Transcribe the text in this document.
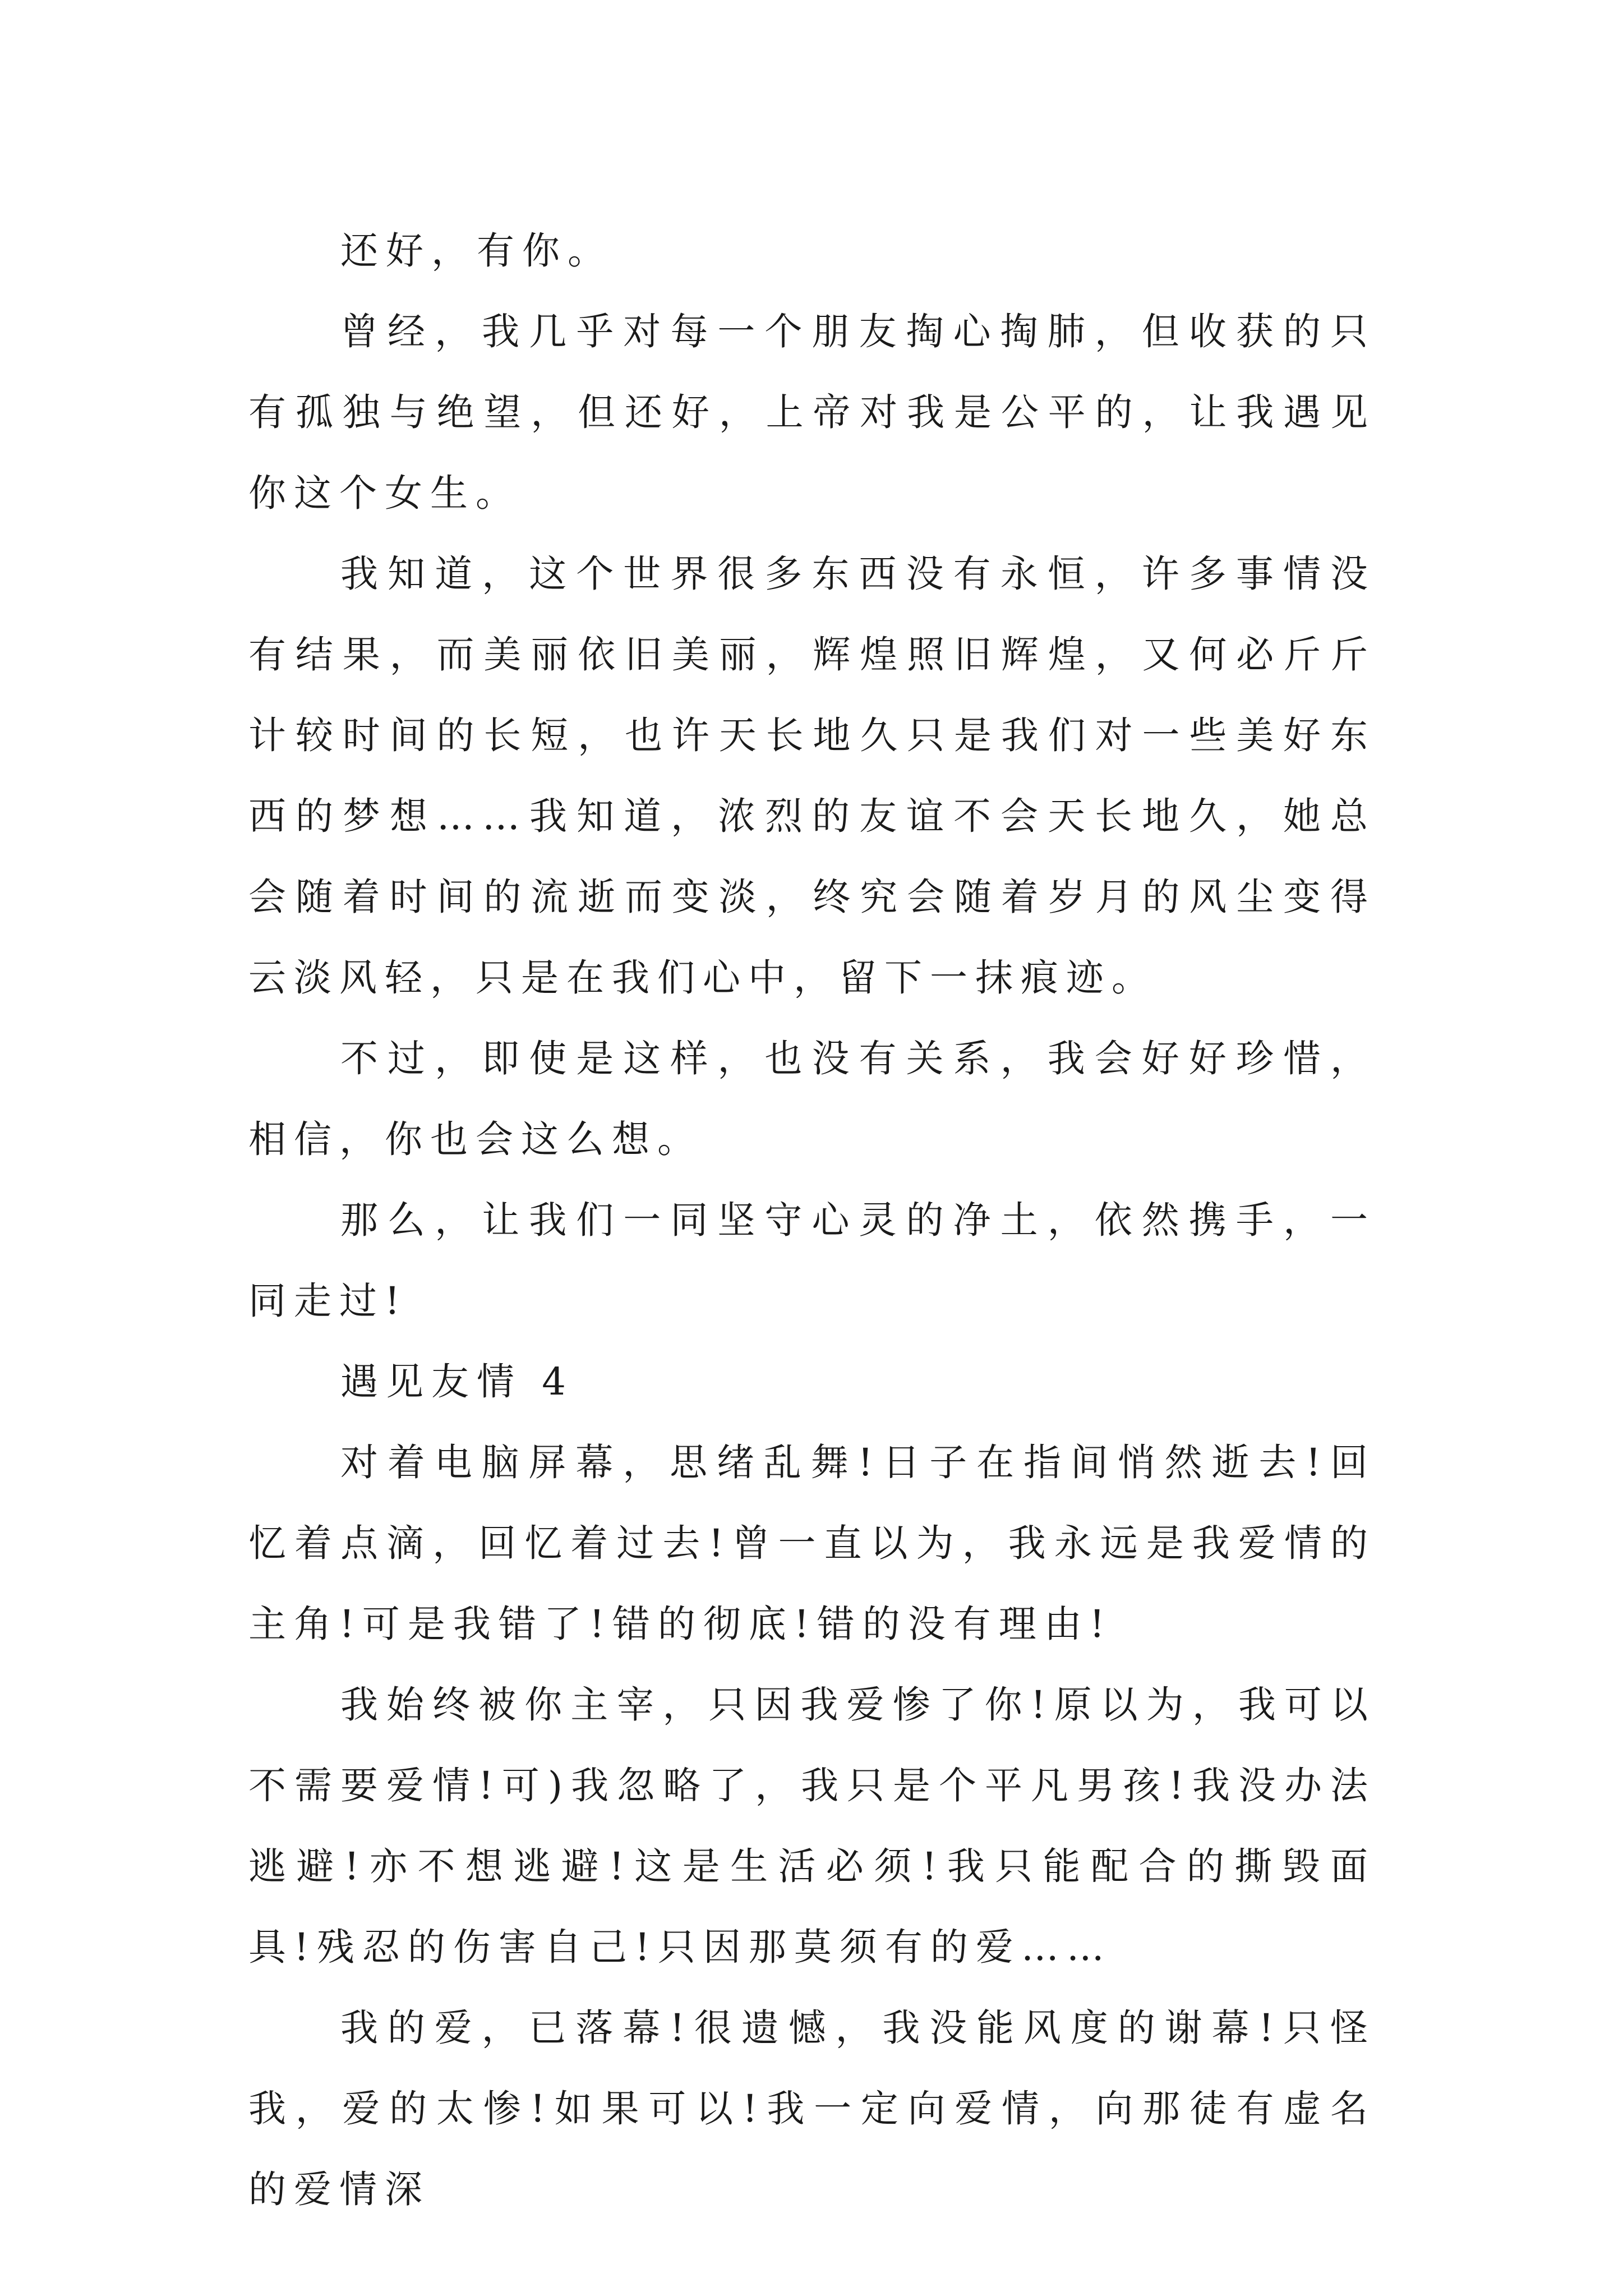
还好，有你。

曾经，我几乎对每一个朋友掏心掏肺，但收获的只有孤独与绝望，但还好，上帝对我是公平的，让我遇见你这个女生。

我知道，这个世界很多东西没有永恒，许多事情没有结果，而美丽依旧美丽，辉煌照旧辉煌，又何必斤斤计较时间的长短，也许天长地久只是我们对一些美好东西的梦想……我知道，浓烈的友谊不会天长地久，她总会随着时间的流逝而变淡，终究会随着岁月的风尘变得云淡风轻，只是在我们心中，留下一抹痕迹。

不过，即使是这样，也没有关系，我会好好珍惜，相信，你也会这么想。

那么，让我们一同坚守心灵的净土，依然携手，一同走过!

遇见友情 4

对着电脑屏幕，思绪乱舞!日子在指间悄然逝去!回忆着点滴，回忆着过去!曾一直以为，我永远是我爱情的主角!可是我错了!错的彻底!错的没有理由!

我始终被你主宰，只因我爱惨了你!原以为，我可以不需要爱情!可)我忽略了，我只是个平凡男孩!我没办法逃避!亦不想逃避!这是生活必须!我只能配合的撕毁面具!残忍的伤害自己!只因那莫须有的爱……

我的爱，已落幕!很遗憾，我没能风度的谢幕!只怪我，爱的太惨!如果可以!我一定向爱情，向那徒有虚名的爱情深
